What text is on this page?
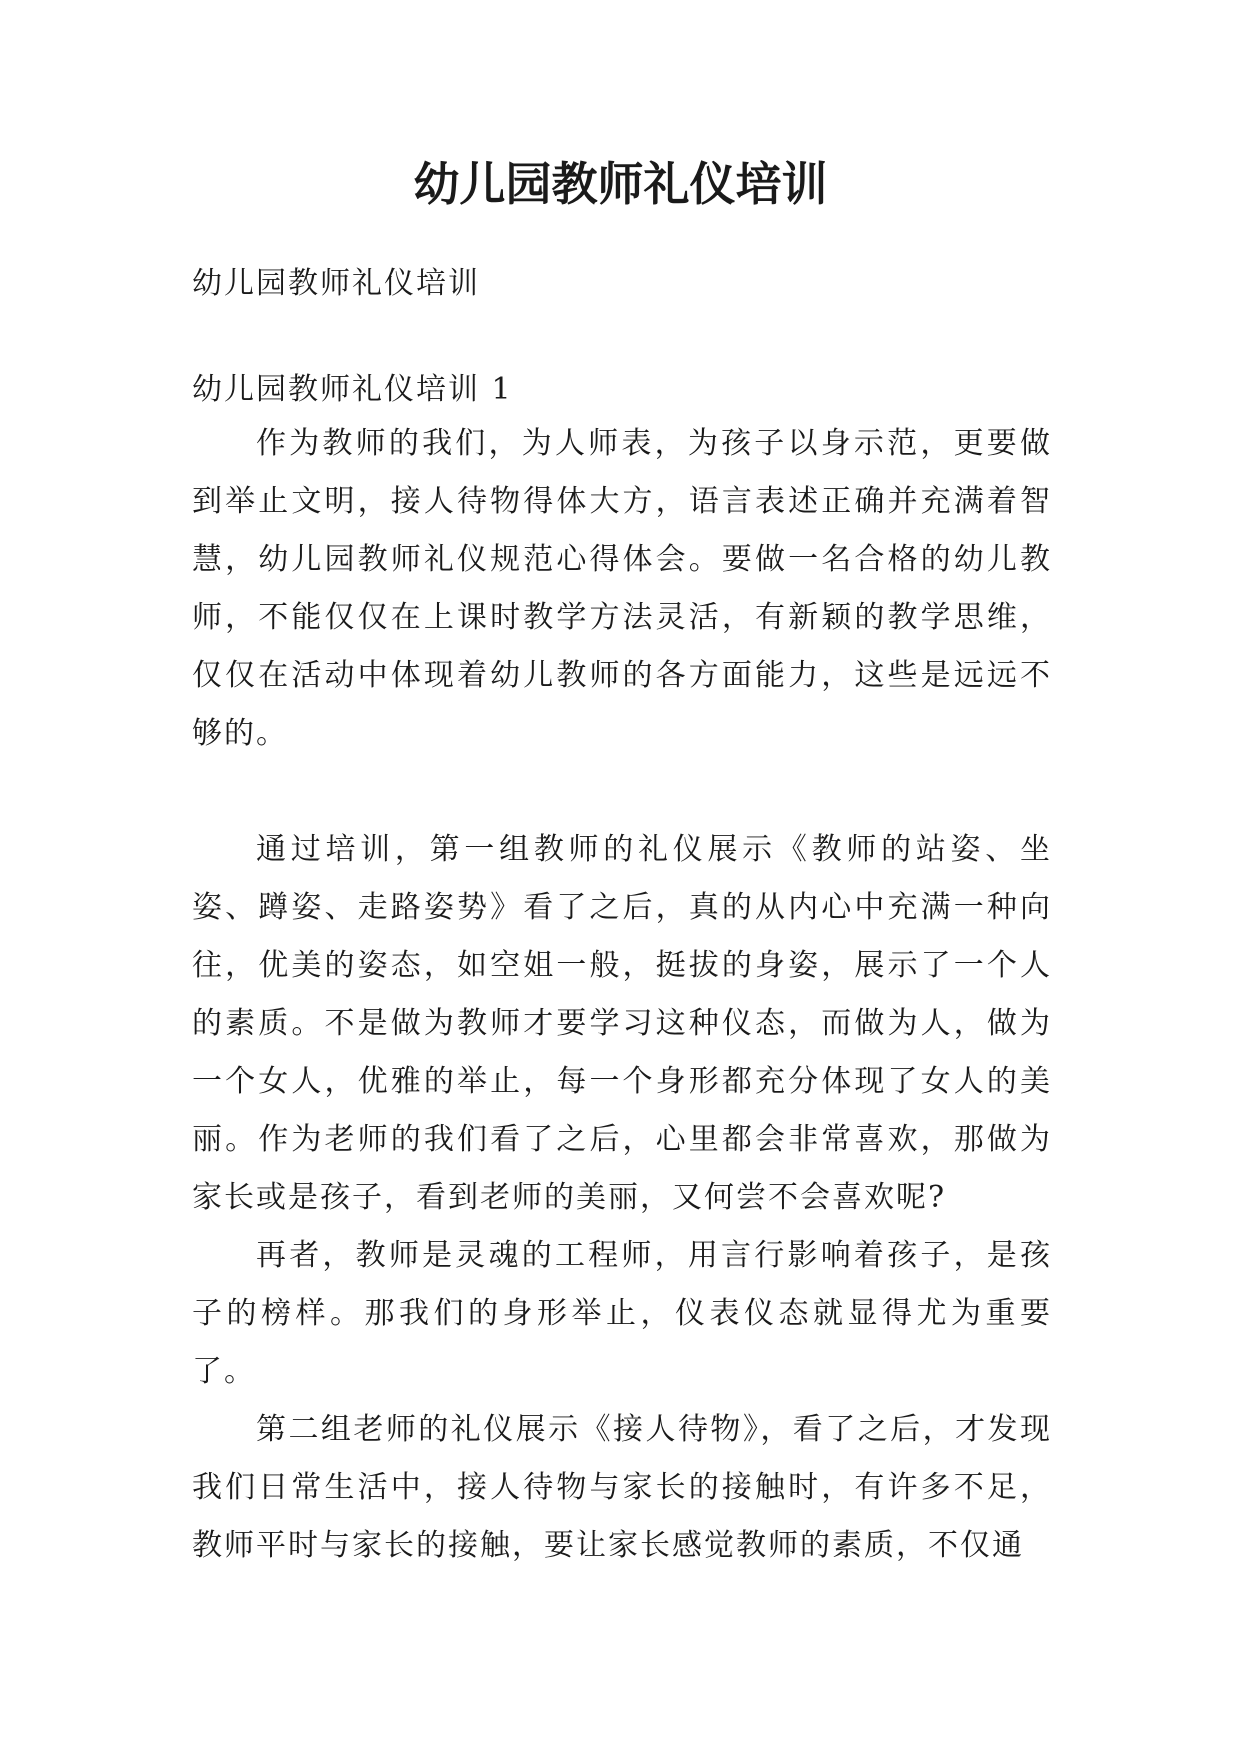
幼儿园教师礼仪培训

幼儿园教师礼仪培训

幼儿园教师礼仪培训 1

作为教师的我们，为人师表，为孩子以身示范，更要做到举止文明，接人待物得体大方，语言表述正确并充满着智慧，幼儿园教师礼仪规范心得体会。要做一名合格的幼儿教师，不能仅仅在上课时教学方法灵活，有新颖的教学思维，仅仅在活动中体现着幼儿教师的各方面能力，这些是远远不够的。

通过培训，第一组教师的礼仪展示《教师的站姿、坐姿、蹲姿、走路姿势》看了之后，真的从内心中充满一种向往，优美的姿态，如空姐一般，挺拔的身姿，展示了一个人的素质。不是做为教师才要学习这种仪态，而做为人，做为一个女人，优雅的举止，每一个身形都充分体现了女人的美丽。作为老师的我们看了之后，心里都会非常喜欢，那做为家长或是孩子，看到老师的美丽，又何尝不会喜欢呢?

再者，教师是灵魂的工程师，用言行影响着孩子，是孩子的榜样。那我们的身形举止，仪表仪态就显得尤为重要了。

第二组老师的礼仪展示《接人待物》，看了之后，才发现我们日常生活中，接人待物与家长的接触时，有许多不足，教师平时与家长的接触，要让家长感觉教师的素质，不仅通
